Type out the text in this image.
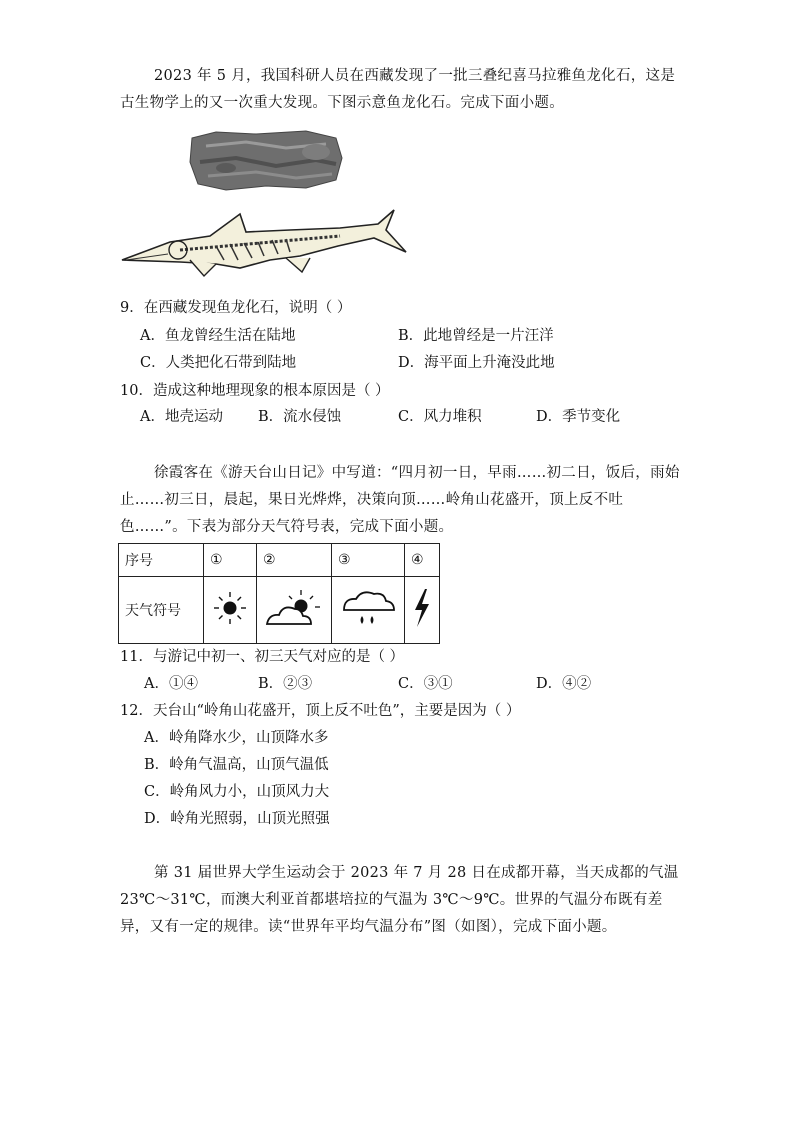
2023 年 5 月，我国科研人员在西藏发现了一批三叠纪喜马拉雅鱼龙化石，这是古生物学上的又一次重大发现。下图示意鱼龙化石。完成下面小题。
9．在西藏发现鱼龙化石，说明（ ）
A．鱼龙曾经生活在陆地	B．此地曾经是一片汪洋
C．人类把化石带到陆地	D．海平面上升淹没此地
10．造成这种地理现象的根本原因是（ ）
A．地壳运动 B．流水侵蚀	C．风力堆积	D．季节变化
徐霞客在《游天台山日记》中写道：“四月初一日，早雨……初二日，饭后，雨始止……初三日，晨起，果日光烨烨，决策向顶……岭角山花盛开，顶上反不吐色……”。下表为部分天气符号表，完成下面小题。
序号	①	②	③	④
天气符号				
11．与游记中初一、初三天气对应的是（ ）
A．①④	B．②③	C．③①	D．④②
12．天台山“岭角山花盛开，顶上反不吐色”，主要是因为（ ）
A．岭角降水少，山顶降水多
B．岭角气温高，山顶气温低
C．岭角风力小，山顶风力大
D．岭角光照弱，山顶光照强
第 31 届世界大学生运动会于 2023 年 7 月 28 日在成都开幕，当天成都的气温 23℃～31℃，而澳大利亚首都堪培拉的气温为 3℃～9℃。世界的气温分布既有差异，又有一定的规律。读“世界年平均气温分布”图（如图），完成下面小题。
